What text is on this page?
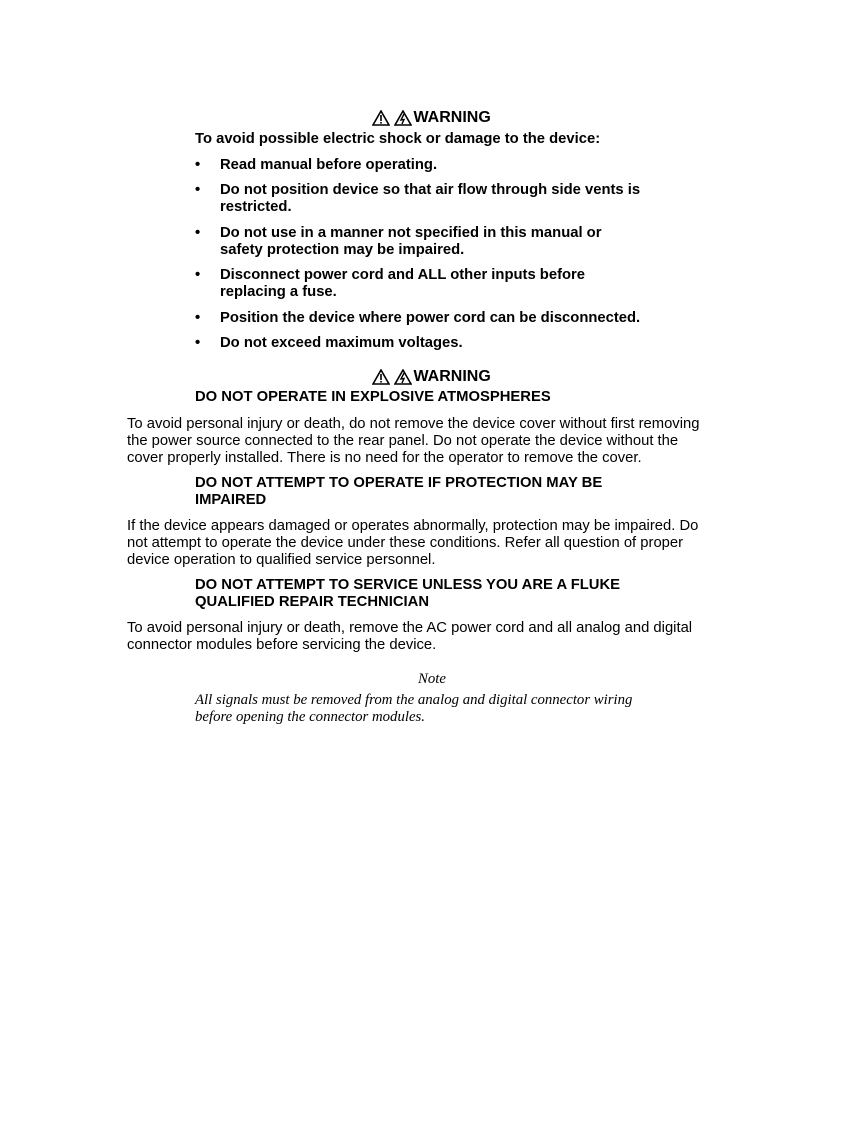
WARNING
To avoid possible electric shock or damage to the device:
•	Read manual before operating.
•	Do not position device so that air flow through side vents is
restricted.
•	Do not use in a manner not specified in this manual or
safety protection may be impaired.
•	Disconnect power cord and ALL other inputs before
replacing a fuse.
•	Position the device where power cord can be disconnected.
•	Do not exceed maximum voltages.
WARNING
DO NOT OPERATE IN EXPLOSIVE ATMOSPHERES
To avoid personal injury or death, do not remove the device cover without first removing
the power source connected to the rear panel. Do not operate the device without the
cover properly installed. There is no need for the operator to remove the cover.
DO NOT ATTEMPT TO OPERATE IF PROTECTION MAY BE
IMPAIRED
If the device appears damaged or operates abnormally, protection may be impaired. Do
not attempt to operate the device under these conditions. Refer all question of proper
device operation to qualified service personnel.
DO NOT ATTEMPT TO SERVICE UNLESS YOU ARE A FLUKE
QUALIFIED REPAIR TECHNICIAN
To avoid personal injury or death, remove the AC power cord and all analog and digital
connector modules before servicing the device.
Note
All signals must be removed from the analog and digital connector wiring
before opening the connector modules.
